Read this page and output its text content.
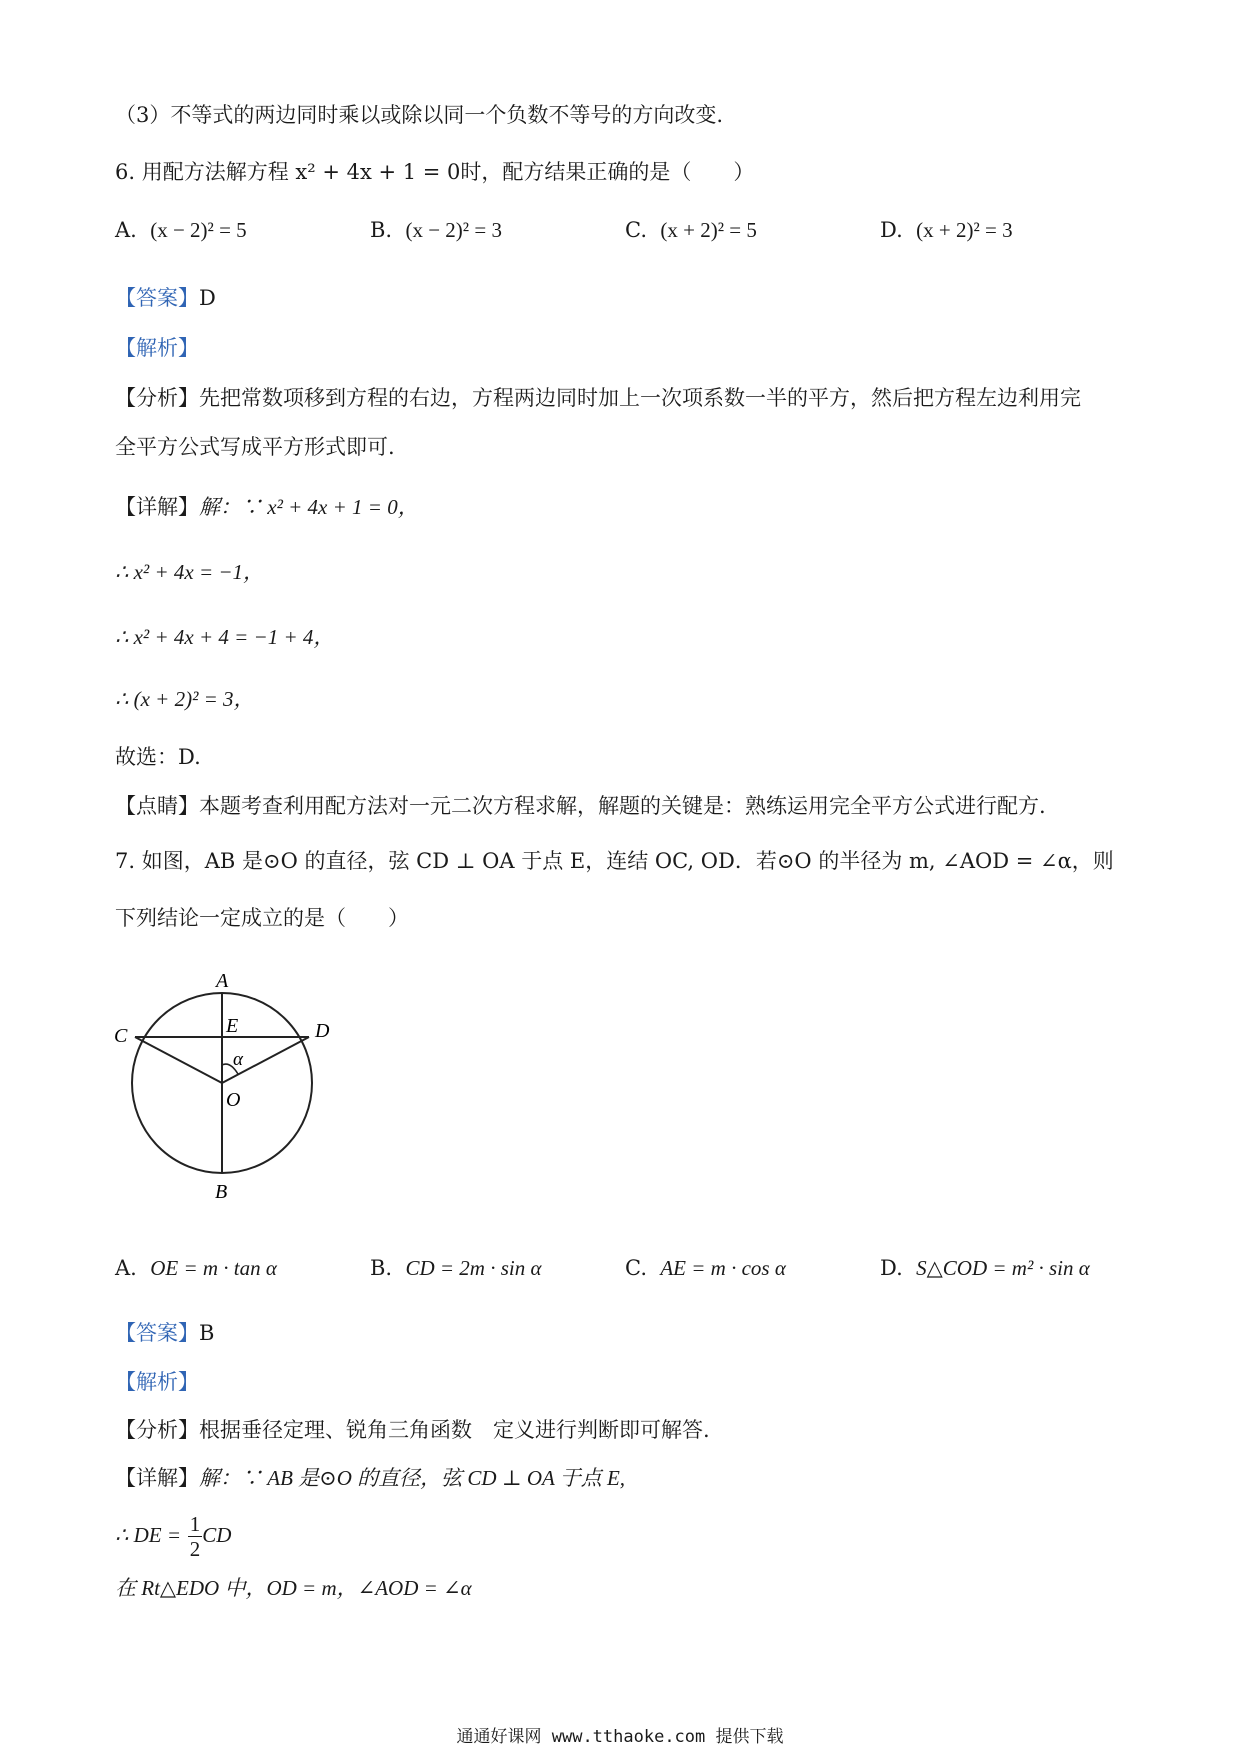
（3）不等式的两边同时乘以或除以同一个负数不等号的方向改变.
6. 用配方法解方程 x² + 4x + 1 = 0时，配方结果正确的是（　　）
A. (x − 2)² = 5	B. (x − 2)² = 3	C. (x + 2)² = 5	D. (x + 2)² = 3
【答案】D
【解析】
【分析】先把常数项移到方程的右边，方程两边同时加上一次项系数一半的平方，然后把方程左边利用完
全平方公式写成平方形式即可.
【详解】解：∵ x² + 4x + 1 = 0，
∴ x² + 4x = −1，
∴ x² + 4x + 4 = −1 + 4，
∴ (x + 2)² = 3，
故选：D.
【点睛】本题考查利用配方法对一元二次方程求解，解题的关键是：熟练运用完全平方公式进行配方.
7. 如图，AB 是⊙O 的直径，弦 CD ⊥ OA 于点 E，连结 OC, OD．若⊙O 的半径为 m, ∠AOD = ∠α，则
下列结论一定成立的是（　　）
A
B
C	D
E
O
α
A. OE = m · tan α	B. CD = 2m · sin α	C. AE = m · cos α	D. S△COD = m² · sin α
【答案】B
【解析】
【分析】根据垂径定理、锐角三角函数　定义进行判断即可解答.
【详解】解：∵ AB 是⊙O 的直径，弦 CD ⊥ OA 于点 E,
∴ DE = $\frac{1}{2}$ CD
在 Rt△EDO 中，OD = m，∠AOD = ∠α
通通好课网 www.tthaoke.com 提供下载
